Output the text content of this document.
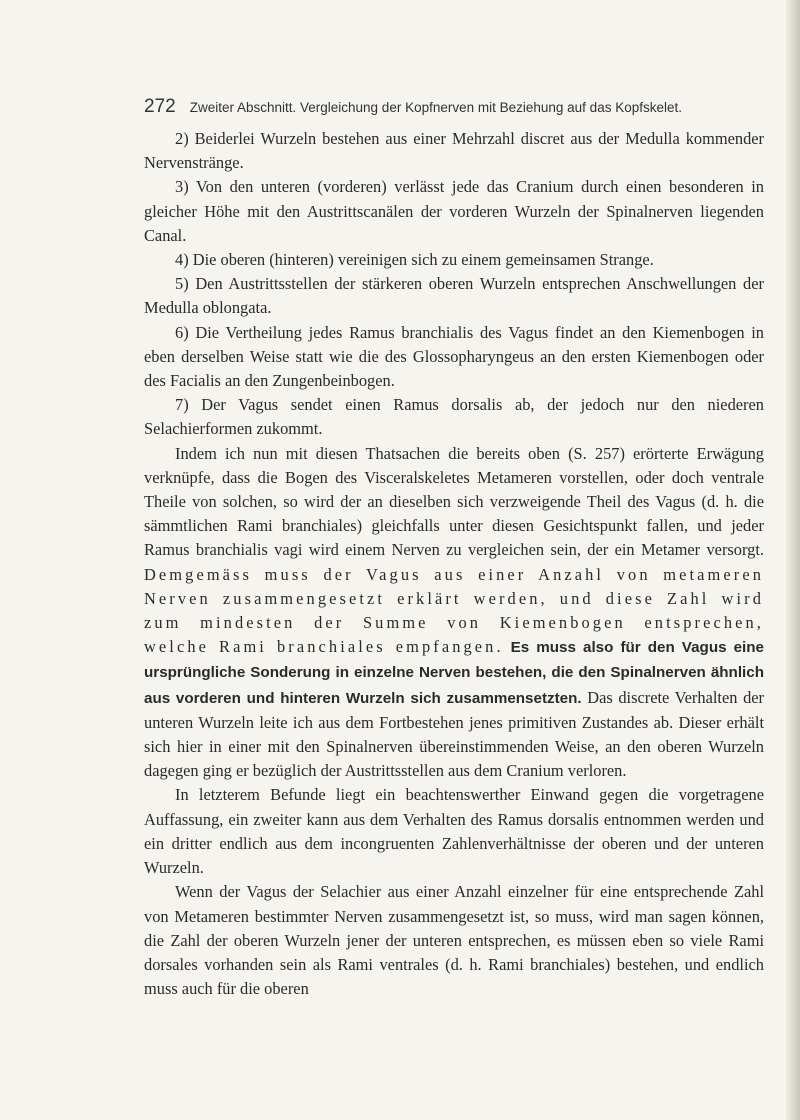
272 Zweiter Abschnitt. Vergleichung der Kopfnerven mit Beziehung auf das Kopfskelet.

2) Beiderlei Wurzeln bestehen aus einer Mehrzahl discret aus der Medulla kommender Nervenstränge.

3) Von den unteren (vorderen) verlässt jede das Cranium durch einen besonderen in gleicher Höhe mit den Austrittscanälen der vorderen Wurzeln der Spinalnerven liegenden Canal.

4) Die oberen (hinteren) vereinigen sich zu einem gemeinsamen Strange.

5) Den Austrittsstellen der stärkeren oberen Wurzeln entsprechen Anschwellungen der Medulla oblongata.

6) Die Vertheilung jedes Ramus branchialis des Vagus findet an den Kiemenbogen in eben derselben Weise statt wie die des Glossopharyngeus an den ersten Kiemenbogen oder des Facialis an den Zungenbeinbogen.

7) Der Vagus sendet einen Ramus dorsalis ab, der jedoch nur den niederen Selachierformen zukommt.

Indem ich nun mit diesen Thatsachen die bereits oben (S. 257) erörterte Erwägung verknüpfe, dass die Bogen des Visceralskeletes Metameren vorstellen, oder doch ventrale Theile von solchen, so wird der an dieselben sich verzweigende Theil des Vagus (d. h. die sämmtlichen Rami branchiales) gleichfalls unter diesen Gesichtspunkt fallen, und jeder Ramus branchialis vagi wird einem Nerven zu vergleichen sein, der ein Metamer versorgt. Demgemäss muss der Vagus aus einer Anzahl von metameren Nerven zusammengesetzt erklärt werden, und diese Zahl wird zum mindesten der Summe von Kiemenbogen entsprechen, welche Rami branchiales empfangen. Es muss also für den Vagus eine ursprüngliche Sonderung in einzelne Nerven bestehen, die den Spinalnerven ähnlich aus vorderen und hinteren Wurzeln sich zusammensetzten. Das discrete Verhalten der unteren Wurzeln leite ich aus dem Fortbestehen jenes primitiven Zustandes ab. Dieser erhält sich hier in einer mit den Spinalnerven übereinstimmenden Weise, an den oberen Wurzeln dagegen ging er bezüglich der Austrittsstellen aus dem Cranium verloren.

In letzterem Befunde liegt ein beachtenswerther Einwand gegen die vorgetragene Auffassung, ein zweiter kann aus dem Verhalten des Ramus dorsalis entnommen werden und ein dritter endlich aus dem incongruenten Zahlenverhältnisse der oberen und der unteren Wurzeln.

Wenn der Vagus der Selachier aus einer Anzahl einzelner für eine entsprechende Zahl von Metameren bestimmter Nerven zusammengesetzt ist, so muss, wird man sagen können, die Zahl der oberen Wurzeln jener der unteren entsprechen, es müssen eben so viele Rami dorsales vorhanden sein als Rami ventrales (d. h. Rami branchiales) bestehen, und endlich muss auch für die oberen
